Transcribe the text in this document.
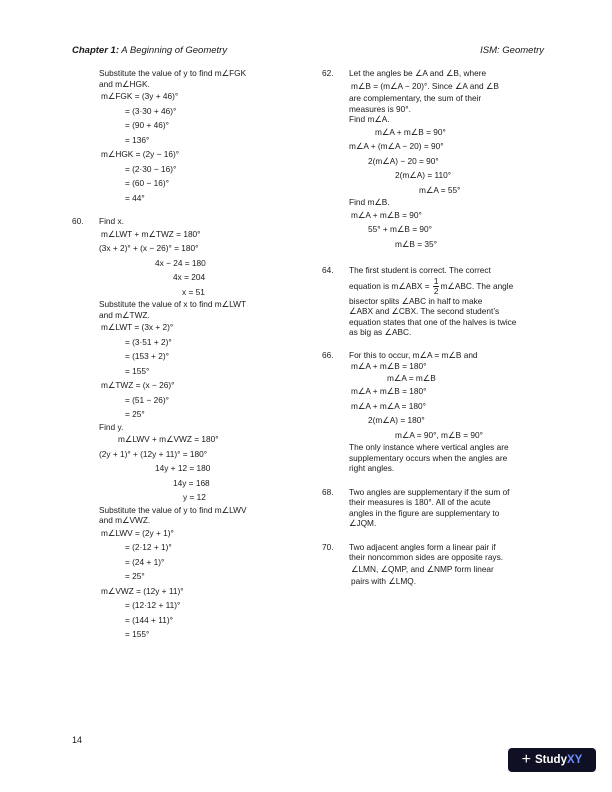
Chapter 1: A Beginning of Geometry	ISM: Geometry

Substitute the value of y to find m∠FGK

and m∠HGK.

m∠FGK = (3y + 46)°

= (3·30 + 46)°

= (90 + 46)°

= 136°

m∠HGK = (2y − 16)°

= (2·30 − 16)°

= (60 − 16)°

= 44°

60. Find x.

m∠LWT + m∠TWZ = 180°

(3x + 2)° + (x − 26)° = 180°

4x − 24 = 180

4x = 204

x = 51

Substitute the value of x to find m∠LWT

and m∠TWZ.

m∠LWT = (3x + 2)°

= (3·51 + 2)°

= (153 + 2)°

= 155°

m∠TWZ = (x − 26)°

= (51 − 26)°

= 25°

Find y.

m∠LWV + m∠VWZ = 180°

(2y + 1)° + (12y + 11)° = 180°

14y + 12 = 180

14y = 168

y = 12

Substitute the value of y to find m∠LWV

and m∠VWZ.

m∠LWV = (2y + 1)°

= (2·12 + 1)°

= (24 + 1)°

= 25°

m∠VWZ = (12y + 11)°

= (12·12 + 11)°

= (144 + 11)°

= 155°

62. Let the angles be ∠A and ∠B, where

m∠B = (m∠A − 20)°. Since ∠A and ∠B

are complementary, the sum of their

measures is 90°.

Find m∠A.

m∠A + m∠B = 90°

m∠A + (m∠A − 20) = 90°

2(m∠A) − 20 = 90°

2(m∠A) = 110°

m∠A = 55°

Find m∠B.

m∠A + m∠B = 90°

55° + m∠B = 90°

m∠B = 35°

64. The first student is correct. The correct

equation is m∠ABX = $\frac{1}{2}$ m∠ABC. The angle

bisector splits ∠ABC in half to make

∠ABX and ∠CBX. The second student’s

equation states that one of the halves is twice

as big as ∠ABC.

66. For this to occur, m∠A = m∠B and

m∠A + m∠B = 180°

m∠A = m∠B

m∠A + m∠B = 180°

m∠A + m∠A = 180°

2(m∠A) = 180°

m∠A = 90°, m∠B = 90°

The only instance where vertical angles are

supplementary occurs when the angles are

right angles.

68. Two angles are supplementary if the sum of

their measures is 180°. All of the acute

angles in the figure are supplementary to

∠JQM.

70. Two adjacent angles form a linear pair if

their noncommon sides are opposite rays.

∠LMN, ∠QMP, and ∠NMP form linear

pairs with ∠LMQ.

14
+ Study XY
